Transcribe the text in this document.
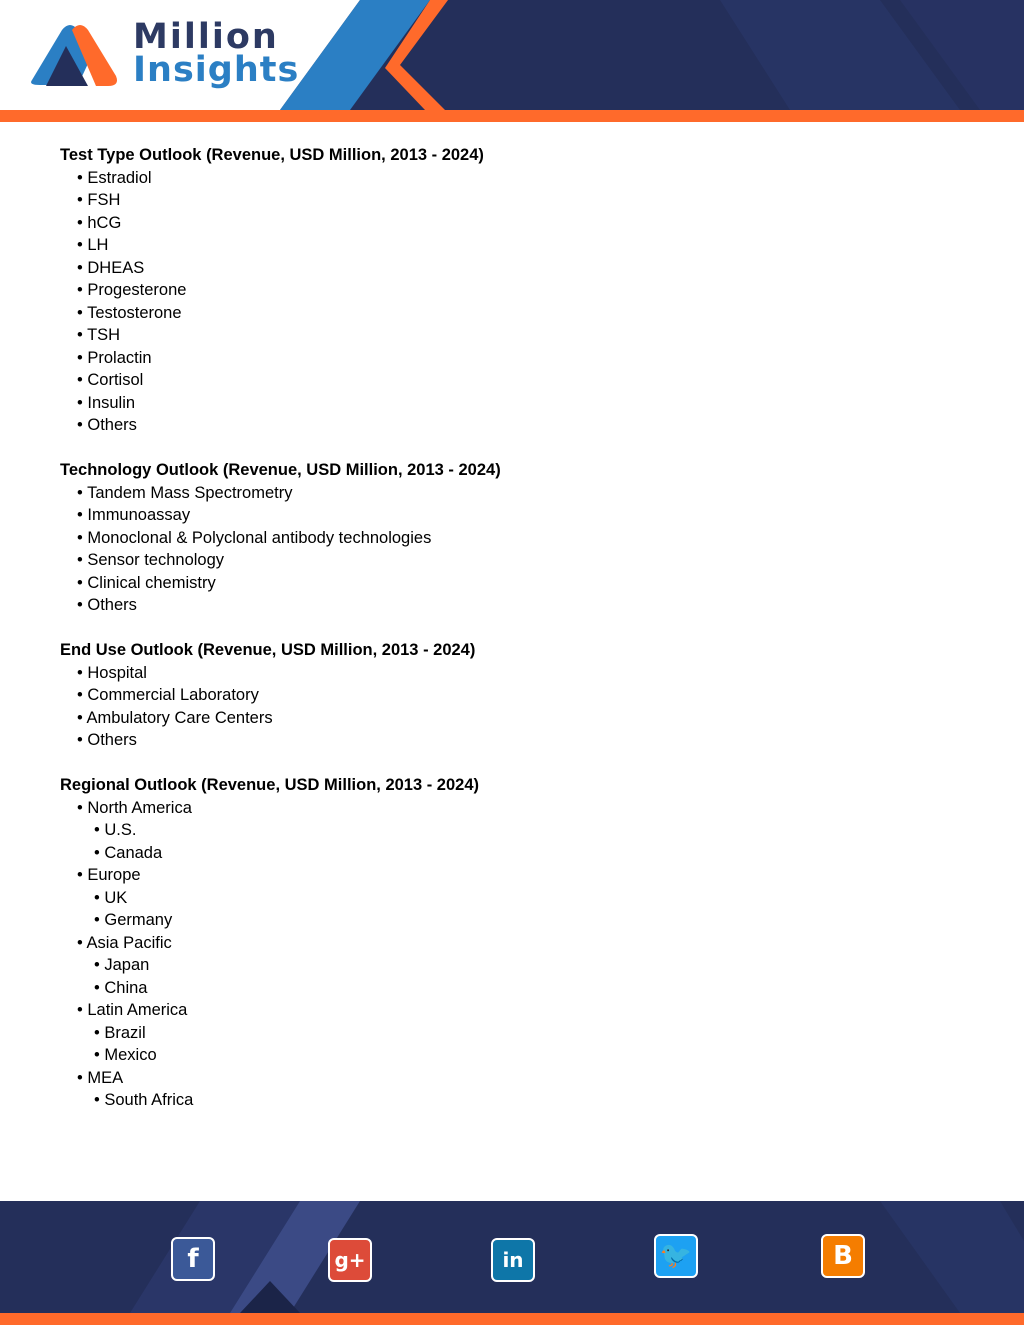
Million
Insights
Test Type Outlook (Revenue, USD Million, 2013 - 2024)
• Estradiol
• FSH
• hCG
• LH
• DHEAS
• Progesterone
• Testosterone
• TSH
• Prolactin
• Cortisol
• Insulin
• Others
Technology Outlook (Revenue, USD Million, 2013 - 2024)
• Tandem Mass Spectrometry
• Immunoassay
• Monoclonal & Polyclonal antibody technologies
• Sensor technology
• Clinical chemistry
• Others
End Use Outlook (Revenue, USD Million, 2013 - 2024)
• Hospital
• Commercial Laboratory
• Ambulatory Care Centers
• Others
Regional Outlook (Revenue, USD Million, 2013 - 2024)
• North America
• U.S.
• Canada
• Europe
• UK
• Germany
• Asia Pacific
• Japan
• China
• Latin America
• Brazil
• Mexico
• MEA
• South Africa
f	g+	in	🐦	B
